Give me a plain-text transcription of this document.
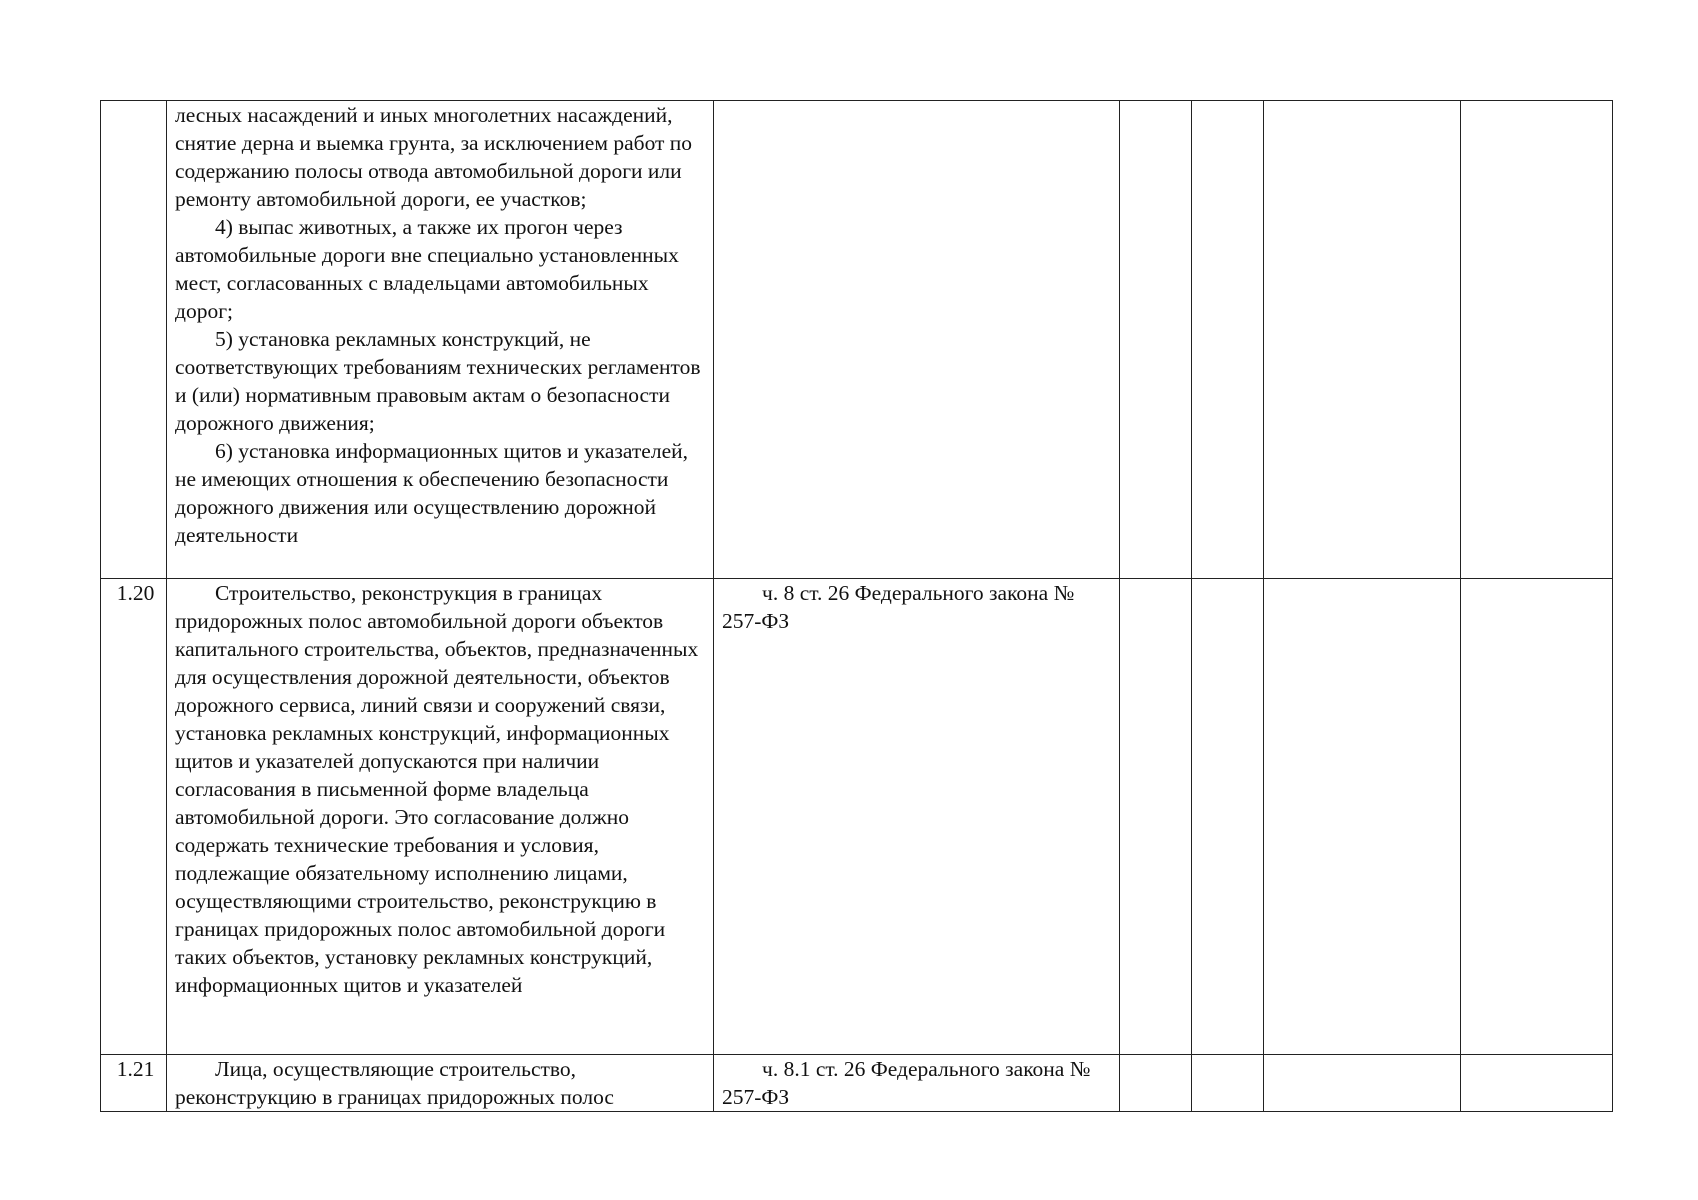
	лесных насаждений и иных многолетних насаждений, снятие дерна и выемка грунта, за исключением работ по содержанию полосы отвода автомобильной дороги или ремонту автомобильной дороги, ее участков;

4) выпас животных, а также их прогон через автомобильные дороги вне специально установленных мест, согласованных с владельцами автомобильных дорог;

5) установка рекламных конструкций, не соответствующих требованиям технических регламентов и (или) нормативным правовым актам о безопасности дорожного движения;

6) установка информационных щитов и указателей, не имеющих отношения к обеспечению безопасности дорожного движения или осуществлению дорожной деятельности					

1.20	Строительство, реконструкция в границах придорожных полос автомобильной дороги объектов капитального строительства, объектов, предназначенных для осуществления дорожной деятельности, объектов дорожного сервиса, линий связи и сооружений связи, установка рекламных конструкций, информационных щитов и указателей допускаются при наличии согласования в письменной форме владельца автомобильной дороги. Это согласование должно содержать технические требования и условия, подлежащие обязательному исполнению лицами, осуществляющими строительство, реконструкцию в границах придорожных полос автомобильной дороги таких объектов, установку рекламных конструкций, информационных щитов и указателей	ч. 8 ст. 26 Федерального закона № 257-ФЗ				

1.21	Лица, осуществляющие строительство, реконструкцию в границах придорожных полос	ч. 8.1 ст. 26 Федерального закона № 257-ФЗ				
